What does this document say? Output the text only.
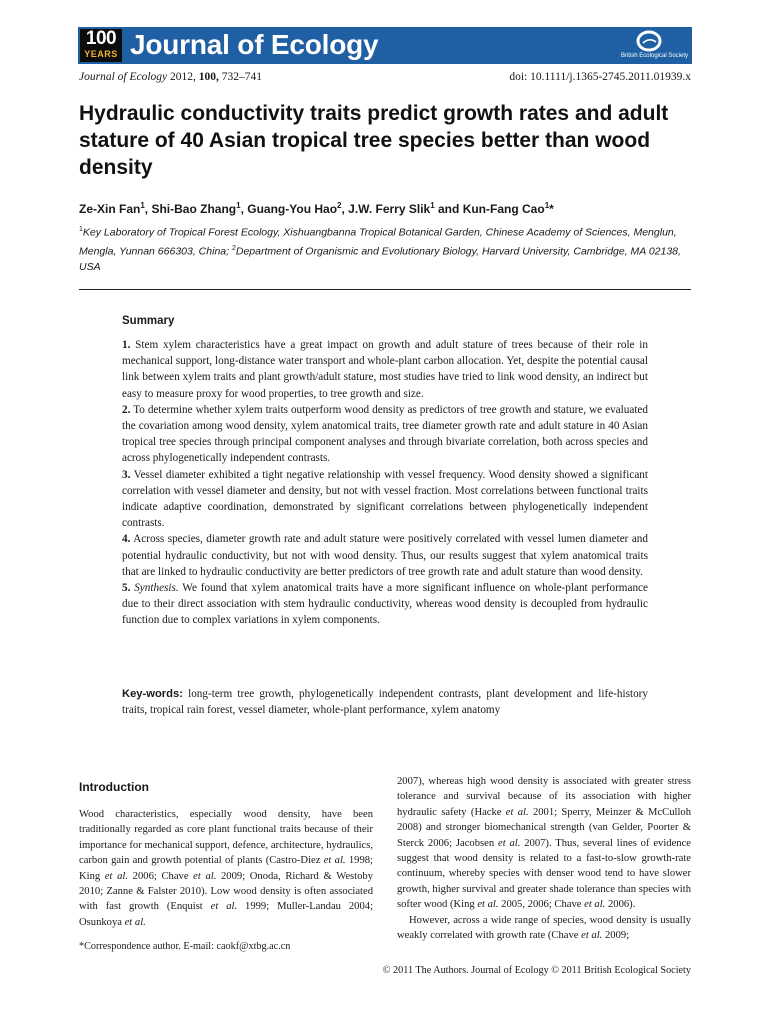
100
YEARS Journal of Ecology	British Ecological Society
Journal of Ecology 2012, 100, 732–741	doi: 10.1111/j.1365-2745.2011.01939.x
Hydraulic conductivity traits predict growth rates and adult stature of 40 Asian tropical tree species better than wood density
Ze-Xin Fan$^1$, Shi-Bao Zhang$^1$, Guang-You Hao$^2$, J.W. Ferry Slik$^1$ and Kun-Fang Cao$^1$*
$^1$Key Laboratory of Tropical Forest Ecology, Xishuangbanna Tropical Botanical Garden, Chinese Academy of Sciences, Menglun, Mengla, Yunnan 666303, China; $^2$Department of Organismic and Evolutionary Biology, Harvard University, Cambridge, MA 02138, USA
Summary

1. Stem xylem characteristics have a great impact on growth and adult stature of trees because of their role in mechanical support, long-distance water transport and whole-plant carbon allocation. Yet, despite the potential causal link between xylem traits and plant growth/adult stature, most studies have tried to link wood density, an indirect but easy to measure proxy for wood properties, to tree growth and size.

2. To determine whether xylem traits outperform wood density as predictors of tree growth and stature, we evaluated the covariation among wood density, xylem anatomical traits, tree diameter growth rate and adult stature in 40 Asian tropical tree species through principal component analyses and through bivariate correlation, both across species and across phylogenetically independent contrasts.

3. Vessel diameter exhibited a tight negative relationship with vessel frequency. Wood density showed a significant correlation with vessel diameter and density, but not with vessel fraction. Most correlations between functional traits indicate adaptive coordination, demonstrated by significant correlations between phylogenetically independent contrasts.

4. Across species, diameter growth rate and adult stature were positively correlated with vessel lumen diameter and potential hydraulic conductivity, but not with wood density. Thus, our results suggest that xylem anatomical traits that are linked to hydraulic conductivity are better predictors of tree growth rate and adult stature than wood density.

5. Synthesis. We found that xylem anatomical traits have a more significant influence on whole-plant performance due to their direct association with stem hydraulic conductivity, whereas wood density is decoupled from hydraulic function due to complex variations in xylem components.

Key-words: long-term tree growth, phylogenetically independent contrasts, plant development and life-history traits, tropical rain forest, vessel diameter, whole-plant performance, xylem anatomy
Introduction

Wood characteristics, especially wood density, have been traditionally regarded as core plant functional traits because of their importance for mechanical support, defence, architecture, hydraulics, carbon gain and growth potential of plants (Castro-Diez et al. 1998; King et al. 2006; Chave et al. 2009; Onoda, Richard & Westoby 2010; Zanne & Falster 2010). Low wood density is often associated with fast growth (Enquist et al. 1999; Muller-Landau 2004; Osunkoya et al.

2007), whereas high wood density is associated with greater stress tolerance and survival because of its association with higher hydraulic safety (Hacke et al. 2001; Sperry, Meinzer & McCulloh 2008) and stronger biomechanical strength (van Gelder, Poorter & Sterck 2006; Jacobsen et al. 2007). Thus, several lines of evidence suggest that wood density is related to a fast-to-slow growth-rate continuum, whereby species with denser wood tend to have slower growth, higher survival and greater shade tolerance than species with softer wood (King et al. 2005, 2006; Chave et al. 2006).

However, across a wide range of species, wood density is usually weakly correlated with growth rate (Chave et al. 2009;

*Correspondence author. E-mail: caokf@xtbg.ac.cn
© 2011 The Authors. Journal of Ecology © 2011 British Ecological Society
